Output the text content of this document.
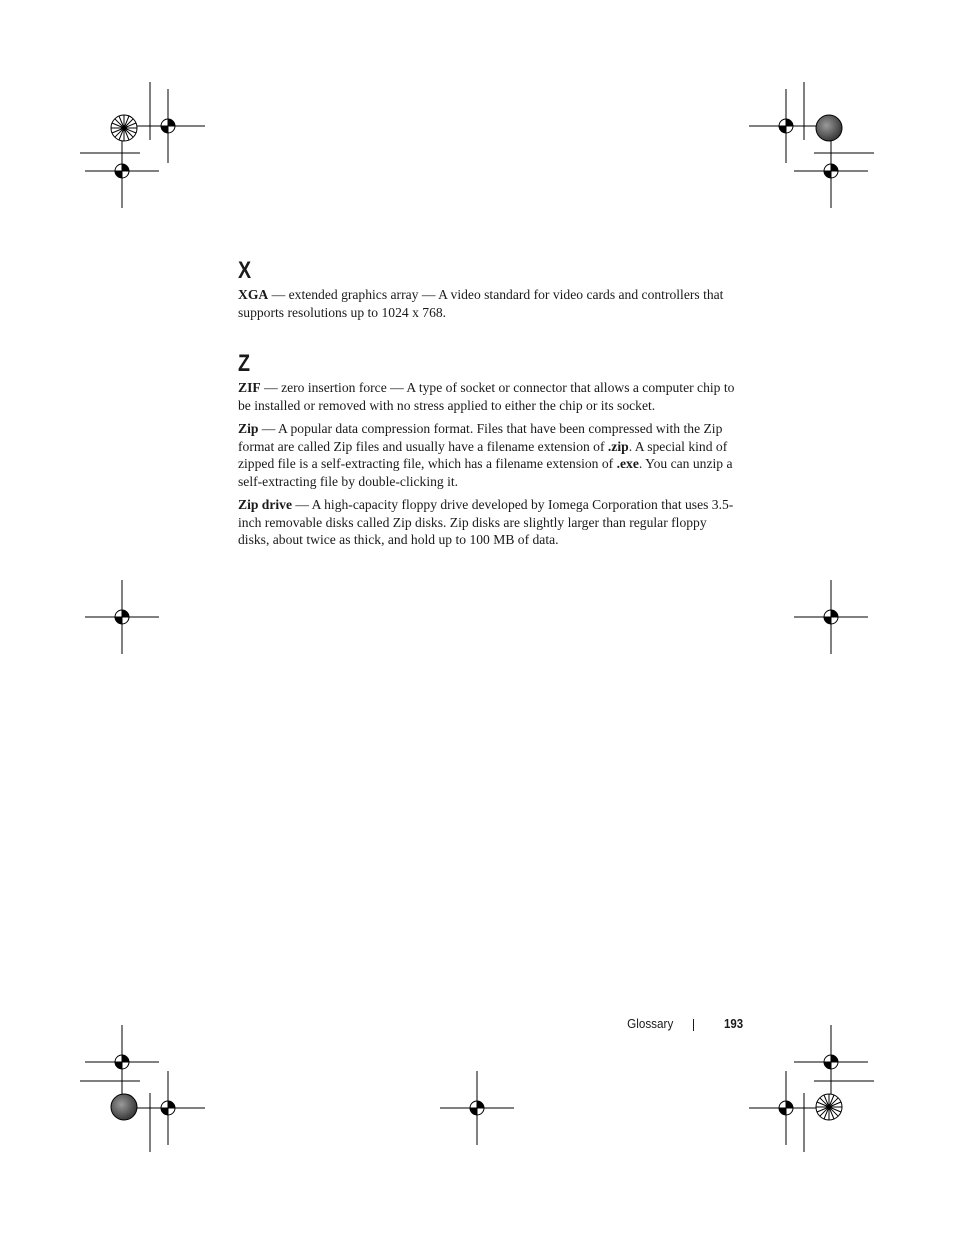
X

XGA — extended graphics array — A video standard for video cards and controllers that supports resolutions up to 1024 x 768.

Z

ZIF — zero insertion force — A type of socket or connector that allows a computer chip to be installed or removed with no stress applied to either the chip or its socket.

Zip — A popular data compression format. Files that have been compressed with the Zip format are called Zip files and usually have a filename extension of .zip. A special kind of zipped file is a self-extracting file, which has a filename extension of .exe. You can unzip a self-extracting file by double-clicking it.

Zip drive — A high-capacity floppy drive developed by Iomega Corporation that uses 3.5-inch removable disks called Zip disks. Zip disks are slightly larger than regular floppy disks, about twice as thick, and hold up to 100 MB of data.

Glossary	193
